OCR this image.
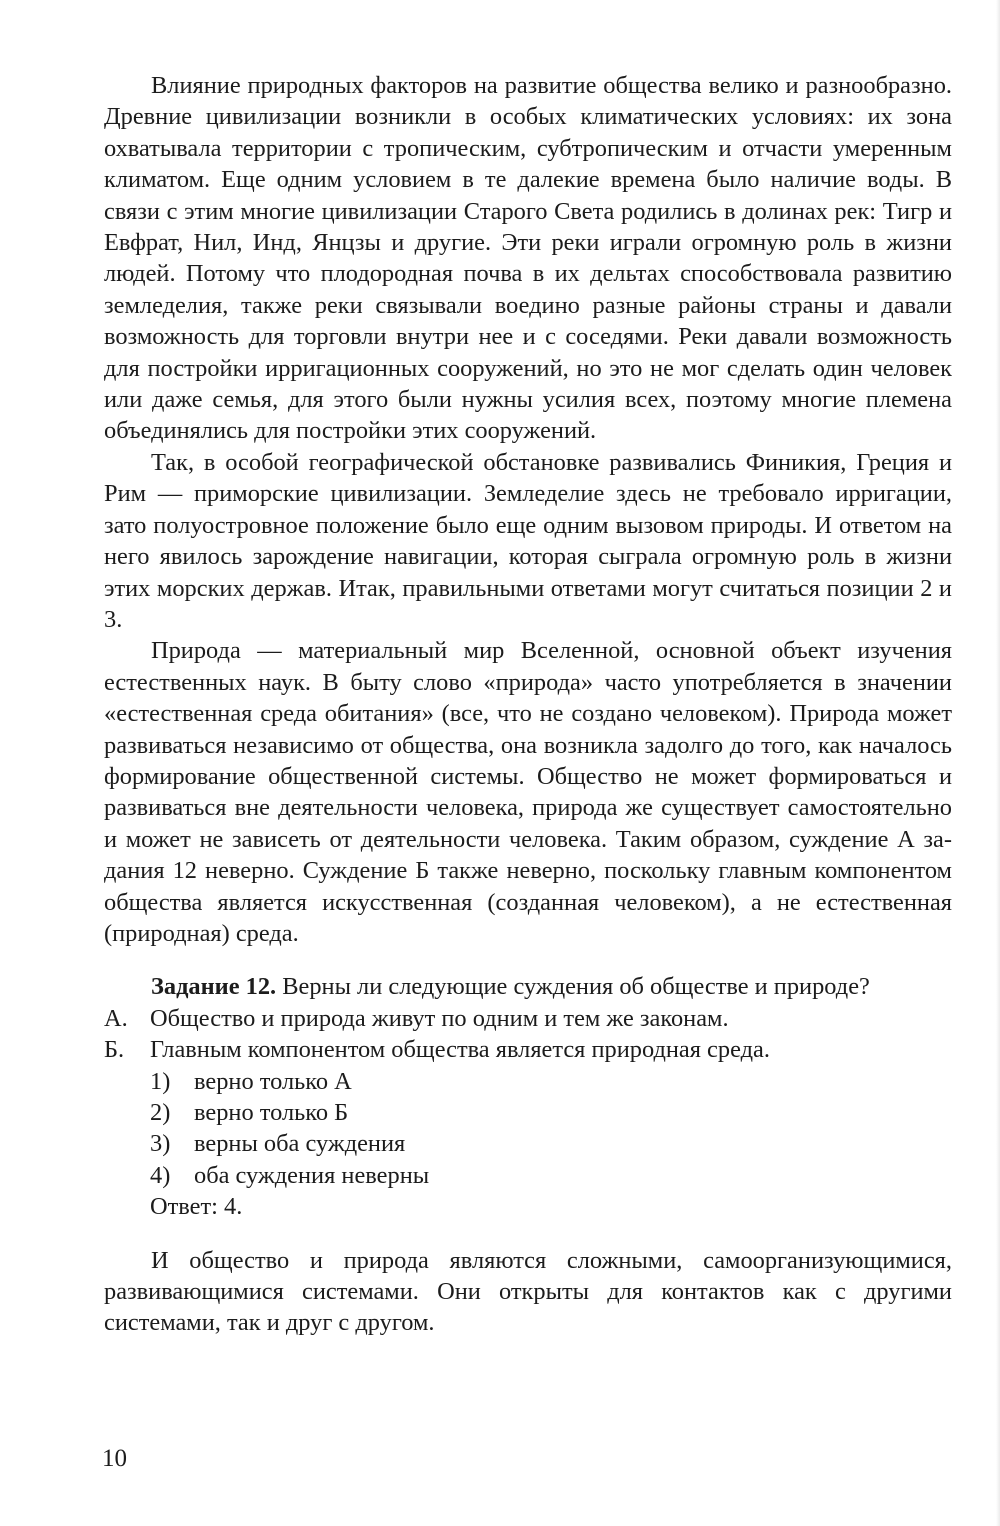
Влияние природных факторов на развитие общества велико и разнообразно. Древние цивилизации возникли в особых климатических условиях: их зона охватывала территории с тропическим, субтропическим и отчасти умеренным климатом. Еще одним условием в те далекие времена было наличие воды. В связи с этим многие цивилизации Старого Света родились в долинах рек: Тигр и Евфрат, Нил, Инд, Янцзы и другие. Эти реки играли огромную роль в жизни людей. Потому что плодородная почва в их дельтах способствовала развитию земледелия, также реки связывали воедино разные районы страны и давали возможность для торговли внутри нее и с соседями. Реки давали возможность для постройки ирригационных сооружений, но это не мог сделать один человек или даже семья, для этого были нужны усилия всех, поэтому многие племена объединялись для постройки этих сооружений.

Так, в особой географической обстановке развивались Финикия, Греция и Рим — приморские цивилизации. Земледелие здесь не требовало ирригации, зато полуостровное положение было еще одним вызовом природы. И ответом на него явилось зарождение навигации, которая сыграла огромную роль в жизни этих морских держав. Итак, правильными ответами могут считаться позиции 2 и 3.

Природа — материальный мир Вселенной, основной объект изучения естественных наук. В быту слово «природа» часто употребляется в значении «естественная среда обитания» (все, что не создано человеком). Природа может развиваться независимо от общества, она возникла задолго до того, как началось формирование общественной системы. Общество не может формироваться и развиваться вне деятельности человека, природа же существует самостоятельно и может не зависеть от деятельности человека. Таким образом, суждение А задания 12 неверно. Суждение Б также неверно, поскольку главным компонентом общества является искусственная (созданная человеком), а не естественная (природная) среда.

Задание 12. Верны ли следующие суждения об обществе и природе?

А. Общество и природа живут по одним и тем же законам.
Б.	Главным компонентом общества является природная среда.
1) верно только А
2) верно только Б
3) верны оба суждения
4) оба суждения неверны

Ответ: 4.

И общество и природа являются сложными, самоорганизующимися, развивающимися системами. Они открыты для контактов как с другими системами, так и друг с другом.

10
